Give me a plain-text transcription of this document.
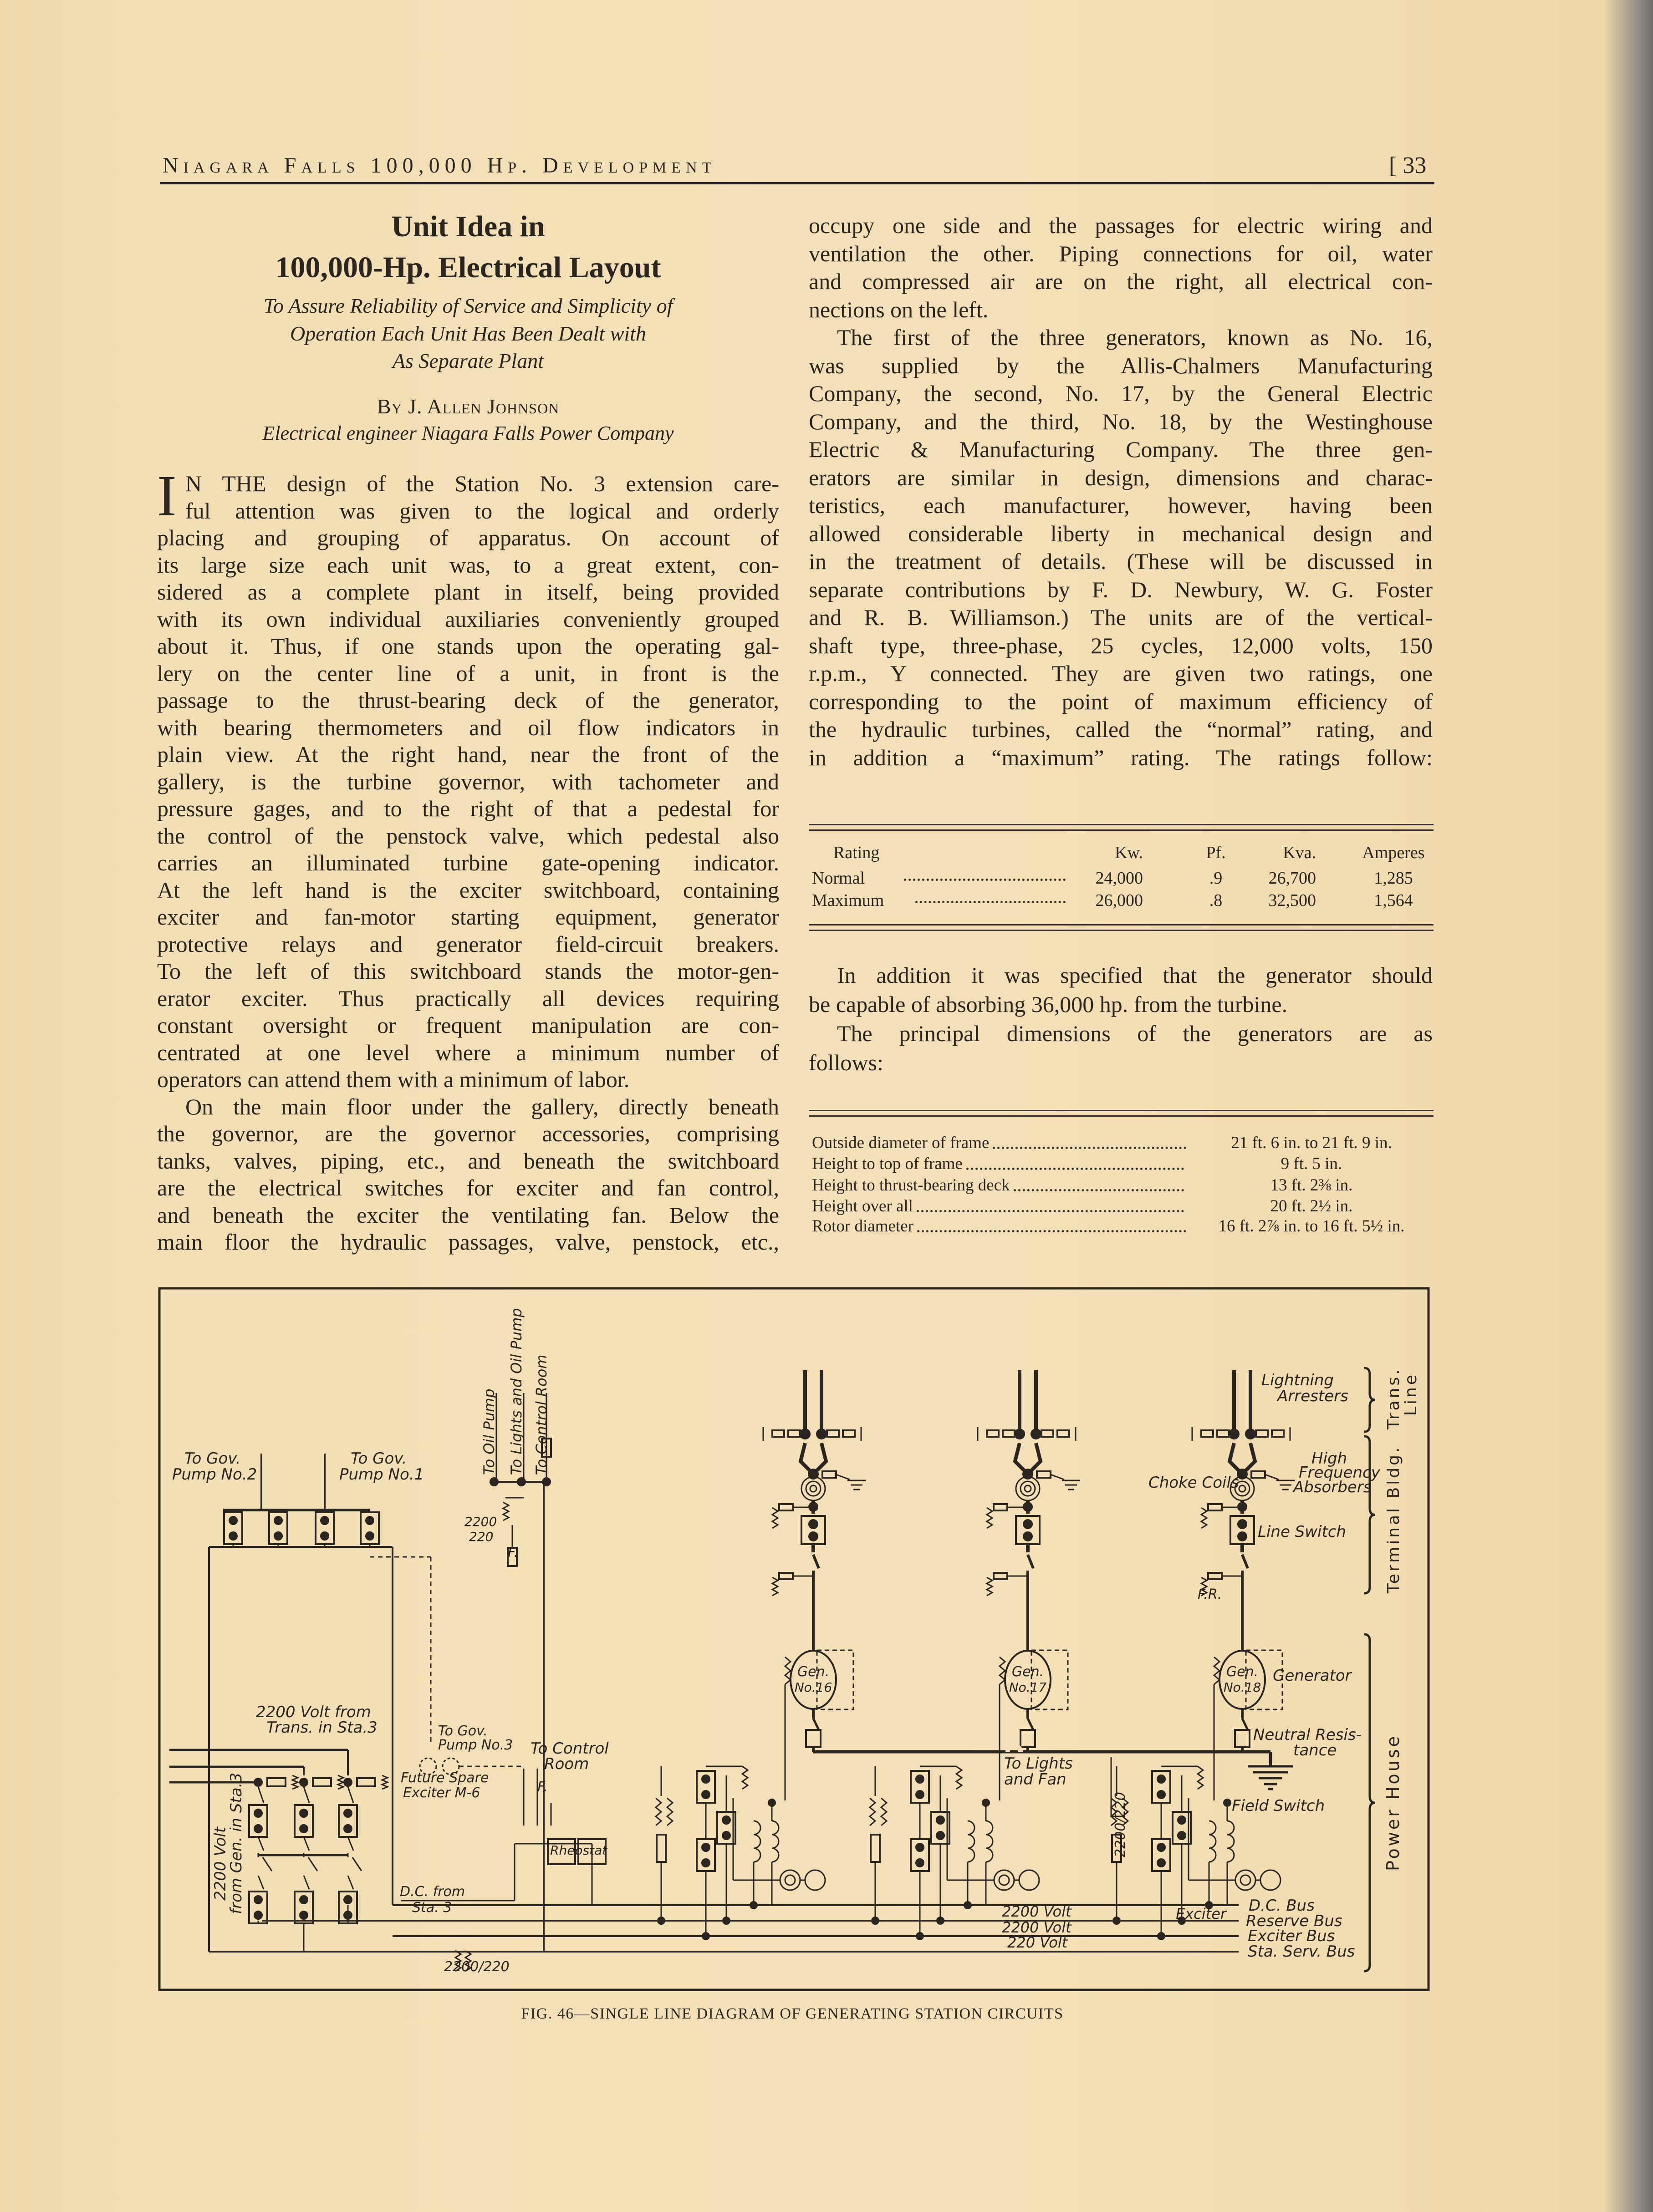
Niagara Falls 100,000 Hp. Development	[ 33
Unit Idea in
100,000-Hp. Electrical Layout
To Assure Reliability of Service and Simplicity of
Operation Each Unit Has Been Dealt with
As Separate Plant
By J. Allen Johnson
Electrical engineer Niagara Falls Power Company
I N THE design of the Station No. 3 extension care-
ful attention was given to the logical and orderly
placing and grouping of apparatus. On account of
its large size each unit was, to a great extent, con-
sidered as a complete plant in itself, being provided
with its own individual auxiliaries conveniently grouped
about it. Thus, if one stands upon the operating gal-
lery on the center line of a unit, in front is the
passage to the thrust-bearing deck of the generator,
with bearing thermometers and oil flow indicators in
plain view. At the right hand, near the front of the
gallery, is the turbine governor, with tachometer and
pressure gages, and to the right of that a pedestal for
the control of the penstock valve, which pedestal also
carries an illuminated turbine gate-opening indicator.
At the left hand is the exciter switchboard, containing
exciter and fan-motor starting equipment, generator
protective relays and generator field-circuit breakers.
To the left of this switchboard stands the motor-gen-
erator exciter. Thus practically all devices requiring
constant oversight or frequent manipulation are con-
centrated at one level where a minimum number of
operators can attend them with a minimum of labor.
On the main floor under the gallery, directly beneath
the governor, are the governor accessories, comprising
tanks, valves, piping, etc., and beneath the switchboard
are the electrical switches for exciter and fan control,
and beneath the exciter the ventilating fan. Below the
main floor the hydraulic passages, valve, penstock, etc.,
occupy one side and the passages for electric wiring and
ventilation the other. Piping connections for oil, water
and compressed air are on the right, all electrical con-
nections on the left.
The first of the three generators, known as No. 16,
was supplied by the Allis-Chalmers Manufacturing
Company, the second, No. 17, by the General Electric
Company, and the third, No. 18, by the Westinghouse
Electric & Manufacturing Company. The three gen-
erators are similar in design, dimensions and charac-
teristics, each manufacturer, however, having been
allowed considerable liberty in mechanical design and
in the treatment of details. (These will be discussed in
separate contributions by F. D. Newbury, W. G. Foster
and R. B. Williamson.) The units are of the vertical-
shaft type, three-phase, 25 cycles, 12,000 volts, 150
r.p.m., Y connected. They are given two ratings, one
corresponding to the point of maximum efficiency of
the hydraulic turbines, called the “normal” rating, and
in addition a “maximum” rating. The ratings follow:
Rating	Kw.	Pf.	Kva.	Amperes
Normal	24,000	.9	26,700	1,285
Maximum	26,000	.8	32,500	1,564
In addition it was specified that the generator should
be capable of absorbing 36,000 hp. from the turbine.
The principal dimensions of the generators are as
follows:
Outside diameter of frame	21 ft. 6 in. to 21 ft. 9 in.
Height to top of frame	9 ft. 5 in.
Height to thrust-bearing deck	13 ft. 2⅜ in.
Height over all	20 ft. 2½ in.
Rotor diameter	16 ft. 2⅞ in. to 16 ft. 5½ in.
To Gov.
Pump No.2
To Gov.
Pump No.1	To Oil Pump To Lights and Oil Pump To Control Room
2200
220
F.
2200 Volt from
Trans. in Sta.3
2200 Volt
from Gen. in Sta.3
To Gov.
Pump No.3
Future Spare
Exciter M-6
To Control
Room
F.
Rheostat
D.C. from
Sta. 3
2200/220
To Lights
and Fan
2200/220
2200 Volt
2200 Volt
220 Volt
Exciter D.C. Bus
Reserve Bus
Exciter Bus
Sta. Serv. Bus
Lightning
Arresters
Choke Coils
High
Frequency
Absorbers
Line Switch
F.R.
Generator
Neutral Resis-
tance
Field Switch
Gen.
No.16
Gen.
No.17
Gen.
No.18
Trans.
Line
Terminal Bldg.
Power House
FIG. 46—SINGLE LINE DIAGRAM OF GENERATING STATION CIRCUITS
